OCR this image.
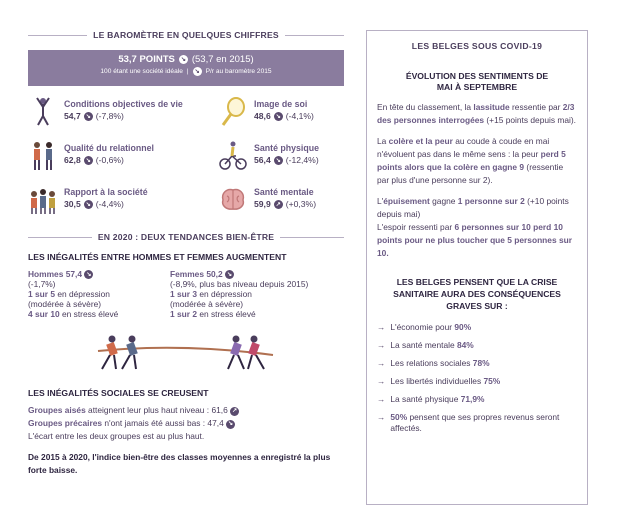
LE BAROMÈTRE EN QUELQUES CHIFFRES
53,7 POINTS ↘ (53,7 en 2015)
100 étant une société idéale | ↘ P/r au baromètre 2015
Conditions objectives de vie
54,7 ↘ (-7,8%)
Image de soi
48,6 ↘ (-4,1%)
Qualité du relationnel
62,8 ↘ (-0,6%)
Santé physique
56,4 ↘ (-12,4%)
Rapport à la société
30,5 ↘ (-4,4%)
Santé mentale
59,9 ↗ (+0,3%)
EN 2020 : DEUX TENDANCES BIEN-ÊTRE
LES INÉGALITÉS ENTRE HOMMES ET FEMMES AUGMENTENT
Hommes 57,4 ↘
(-1,7%)
1 sur 5 en dépression
(modérée à sévère)
4 sur 10 en stress élevé
Femmes 50,2 ↘
(-8,9%, plus bas niveau depuis 2015)
1 sur 3 en dépression
(modérée à sévère)
1 sur 2 en stress élevé
LES INÉGALITÉS SOCIALES SE CREUSENT
Groupes aisés atteignent leur plus haut niveau : 61,6 ↗
Groupes précaires n'ont jamais été aussi bas : 47,4 ↘
L'écart entre les deux groupes est au plus haut.
De 2015 à 2020, l'indice bien-être des classes moyennes a enregistré la plus forte baisse.
LES BELGES SOUS COVID-19
ÉVOLUTION DES SENTIMENTS DE MAI À SEPTEMBRE
En tête du classement, la lassitude ressentie par 2/3 des personnes interrogées (+15 points depuis mai).
La colère et la peur au coude à coude en mai n'évoluent pas dans le même sens : la peur perd 5 points alors que la colère en gagne 9 (ressentie par plus d'une personne sur 2).
L'épuisement gagne 1 personne sur 2 (+10 points depuis mai)
L'espoir ressenti par 6 personnes sur 10 perd 10 points pour ne plus toucher que 5 personnes sur 10.
LES BELGES PENSENT QUE LA CRISE SANITAIRE AURA DES CONSÉQUENCES GRAVES SUR :
→ L'économie pour 90%
→ La santé mentale 84%
→ Les relations sociales 78%
→ Les libertés individuelles 75%
→ La santé physique 71,9%
→ 50% pensent que ses propres revenus seront affectés.
